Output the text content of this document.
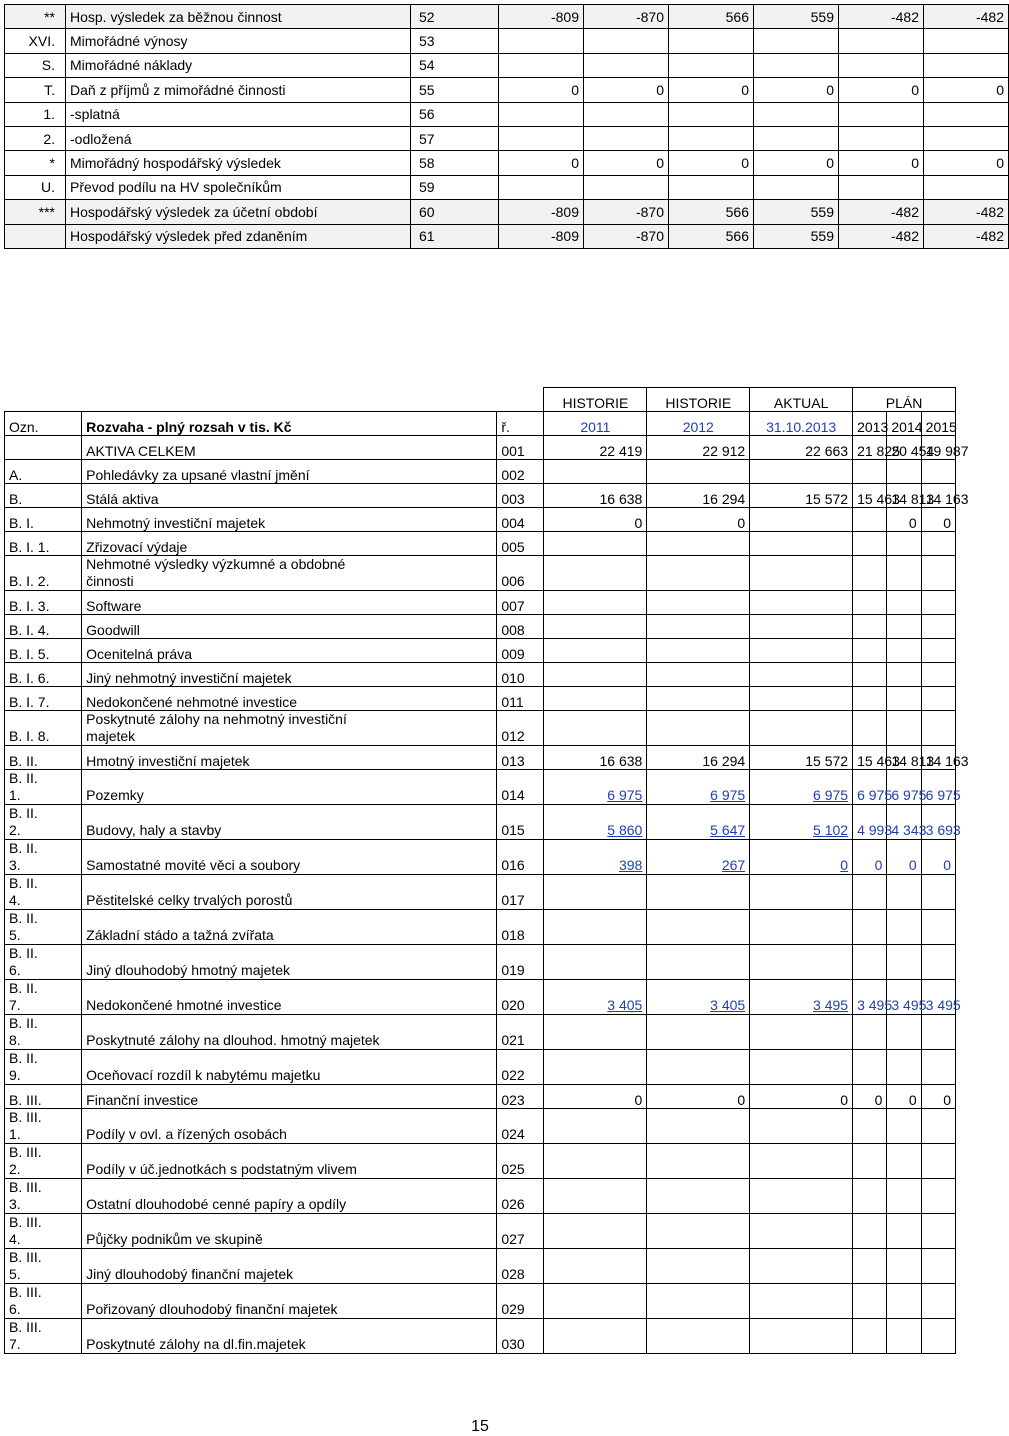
**	Hosp. výsledek za běžnou činnost	52	-809	-870	566	559	-482	-482
XVI.	Mimořádné výnosy	53						
S.	Mimořádné náklady	54						
T.	Daň z příjmů z mimořádné činnosti	55	0	0	0	0	0	0
1.	-splatná	56						
2.	-odložená	57						
*	Mimořádný hospodářský výsledek	58	0	0	0	0	0	0
U.	Převod podílu na HV společníkům	59						
***	Hospodářský výsledek za účetní období	60	-809	-870	566	559	-482	-482
	Hospodářský výsledek před zdaněním	61	-809	-870	566	559	-482	-482
			HISTORIE	HISTORIE	AKTUAL	PLÁN		
Ozn.	Rozvaha - plný rozsah v tis. Kč	ř.	2011	2012	31.10.2013	2013	2014	2015

	AKTIVA CELKEM	001	22 419	22 912	22 663	21 825	20 454	19 987

A.	Pohledávky za upsané vlastní jmění	002						

B.	Stálá aktiva	003	16 638	16 294	15 572	15 463	14 813	14 163

B. I.	Nehmotný investiční majetek	004	0	0			0	0

B. I. 1.	Zřizovací výdaje	005						

B. I. 2.	Nehmotné výsledky výzkumné a obdobné
činnosti	006						

B. I. 3.	Software	007						

B. I. 4.	Goodwill	008						

B. I. 5.	Ocenitelná práva	009						

B. I. 6.	Jiný nehmotný investiční majetek	010						

B. I. 7.	Nedokončené nehmotné investice	011						

B. I. 8.	Poskytnuté zálohy na nehmotný investiční
majetek	012						

B. II.	Hmotný investiční majetek	013	16 638	16 294	15 572	15 463	14 813	14 163

B. II.
1.	Pozemky	014	6 975	6 975	6 975	6 975	6 975	6 975

B. II.
2.	Budovy, haly a stavby	015	5 860	5 647	5 102	4 993	4 343	3 693

B. II.
3.	Samostatné movité věci a soubory	016	398	267	0	0	0	0

B. II.
4.	Pěstitelské celky trvalých porostů	017						

B. II.
5.	Základní stádo a tažná zvířata	018						

B. II.
6.	Jiný dlouhodobý hmotný majetek	019						

B. II.
7.	Nedokončené hmotné investice	020	3 405	3 405	3 495	3 495	3 495	3 495

B. II.
8.	Poskytnuté zálohy na dlouhod. hmotný majetek	021						

B. II.
9.	Oceňovací rozdíl k nabytému majetku	022						

B. III.	Finanční investice	023	0	0	0	0	0	0

B. III.
1.	Podíly v ovl. a řízených osobách	024						

B. III.
2.	Podíly v úč.jednotkách s podstatným vlivem	025						

B. III.
3.	Ostatní dlouhodobé cenné papíry a opdíly	026						

B. III.
4.	Půjčky podnikům ve skupině	027						

B. III.
5.	Jiný dlouhodobý finanční majetek	028						

B. III.
6.	Pořizovaný dlouhodobý finanční majetek	029						

B. III.
7.	Poskytnuté zálohy na dl.fin.majetek	030						
15
